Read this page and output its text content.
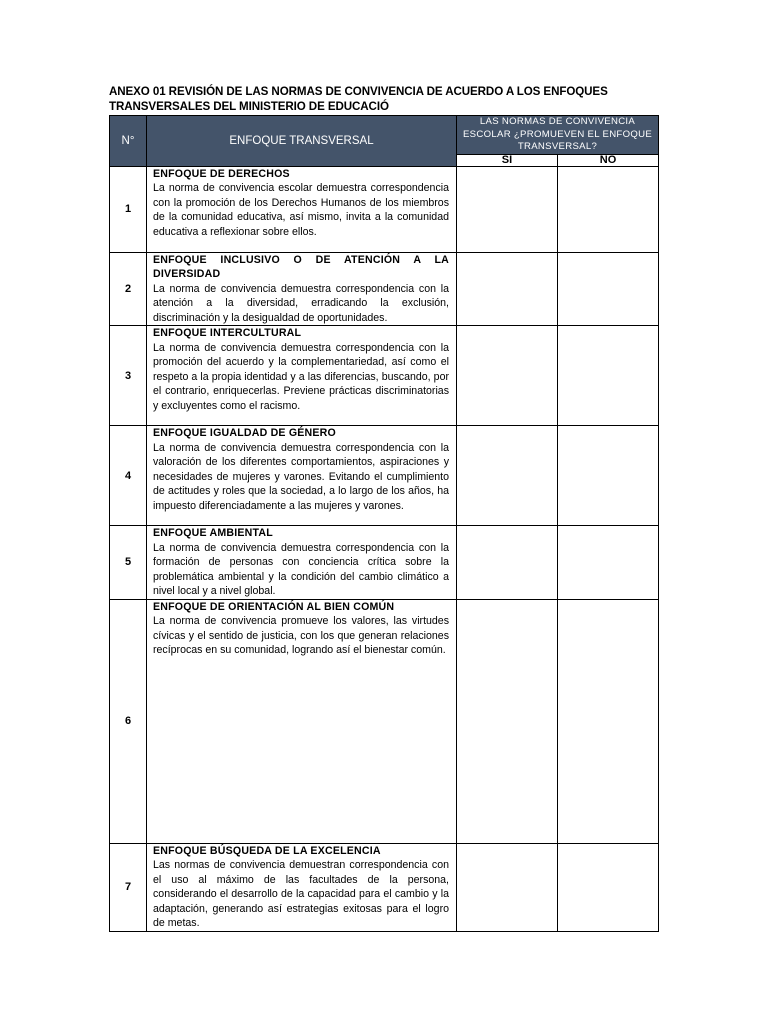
ANEXO 01 REVISIÓN DE LAS NORMAS DE CONVIVENCIA DE ACUERDO A LOS ENFOQUES TRANSVERSALES DEL MINISTERIO DE EDUCACIÓ
N°	ENFOQUE TRANSVERSAL	LAS NORMAS DE CONVIVENCIA ESCOLAR ¿PROMUEVEN EL ENFOQUE TRANSVERSAL?	
		SI	NO
1	ENFOQUE DE DERECHOS
La norma de convivencia escolar demuestra correspondencia con la promoción de los Derechos Humanos de los miembros de la comunidad educativa, así mismo, invita a la comunidad educativa a reflexionar sobre ellos.		

2	ENFOQUE INCLUSIVO O DE ATENCIÓN A LA DIVERSIDAD
La norma de convivencia demuestra correspondencia con la atención a la diversidad, erradicando la exclusión, discriminación y la desigualdad de oportunidades.		

3	ENFOQUE INTERCULTURAL
La norma de convivencia demuestra correspondencia con la promoción del acuerdo y la complementariedad, así como el respeto a la propia identidad y a las diferencias, buscando, por el contrario, enriquecerlas. Previene prácticas discriminatorias y excluyentes como el racismo.		

4	ENFOQUE IGUALDAD DE GÉNERO
La norma de convivencia demuestra correspondencia con la valoración de los diferentes comportamientos, aspiraciones y necesidades de mujeres y varones. Evitando el cumplimiento de actitudes y roles que la sociedad, a lo largo de los años, ha impuesto diferenciadamente a las mujeres y varones.		

5	ENFOQUE AMBIENTAL
La norma de convivencia demuestra correspondencia con la formación de personas con conciencia crítica sobre la problemática ambiental y la condición del cambio climático a nivel local y a nivel global.		

6	ENFOQUE DE ORIENTACIÓN AL BIEN COMÚN
La norma de convivencia promueve los valores, las virtudes cívicas y el sentido de justicia, con los que generan relaciones recíprocas en su comunidad, logrando así el bienestar común.		

7	ENFOQUE BÚSQUEDA DE LA EXCELENCIA
Las normas de convivencia demuestran correspondencia con el uso al máximo de las facultades de la persona, considerando el desarrollo de la capacidad para el cambio y la adaptación, generando así estrategias exitosas para el logro de metas.		
